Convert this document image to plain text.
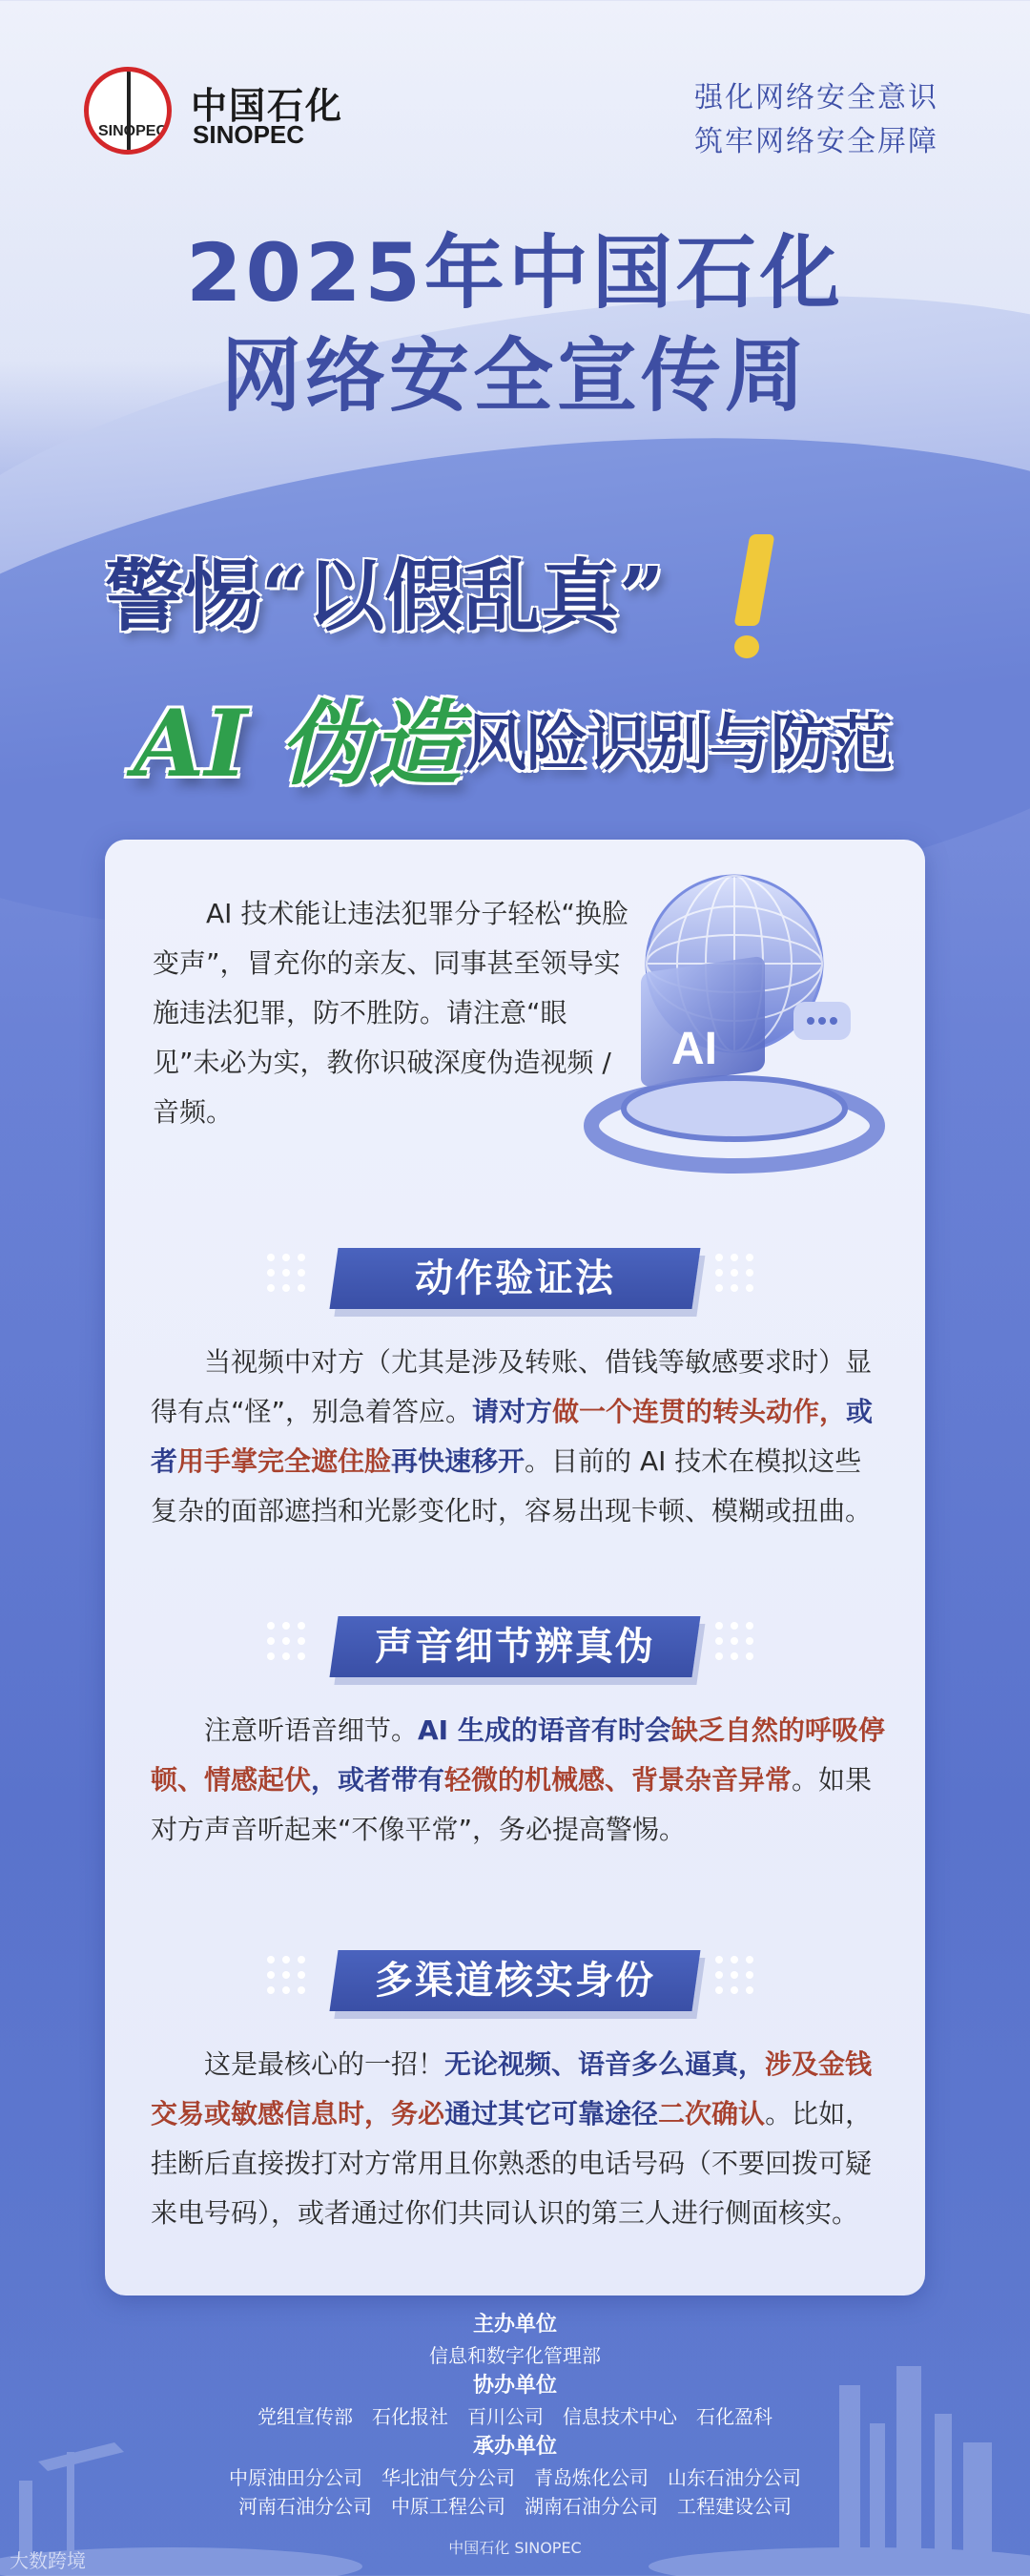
SINOPEC
中国石化
SINOPEC
强化网络安全意识
筑牢网络安全屏障
2025年中国石化
网络安全宣传周
警惕“以假乱真”
AI 伪造 风险识别与防范
AI 技术能让违法犯罪分子轻松“换脸变声”，冒充你的亲友、同事甚至领导实施违法犯罪，防不胜防。请注意“眼见”未必为实，教你识破深度伪造视频 / 音频。
AI
动作验证法
当视频中对方（尤其是涉及转账、借钱等敏感要求时）显得有点“怪”，别急着答应。请对方做一个连贯的转头动作，或者用手掌完全遮住脸再快速移开。目前的 AI 技术在模拟这些复杂的面部遮挡和光影变化时，容易出现卡顿、模糊或扭曲。
声音细节辨真伪
注意听语音细节。AI 生成的语音有时会缺乏自然的呼吸停顿、情感起伏，或者带有轻微的机械感、背景杂音异常。如果对方声音听起来“不像平常”，务必提高警惕。
多渠道核实身份
这是最核心的一招！无论视频、语音多么逼真，涉及金钱交易或敏感信息时，务必通过其它可靠途径二次确认。比如，挂断后直接拨打对方常用且你熟悉的电话号码（不要回拨可疑来电号码），或者通过你们共同认识的第三人进行侧面核实。
主办单位
信息和数字化管理部
协办单位
党组宣传部　石化报社　百川公司　信息技术中心　石化盈科
承办单位
中原油田分公司　华北油气分公司　青岛炼化公司　山东石油分公司
河南石油分公司　中原工程公司　湖南石油分公司　工程建设公司
中国石化 SINOPEC
大数跨境
